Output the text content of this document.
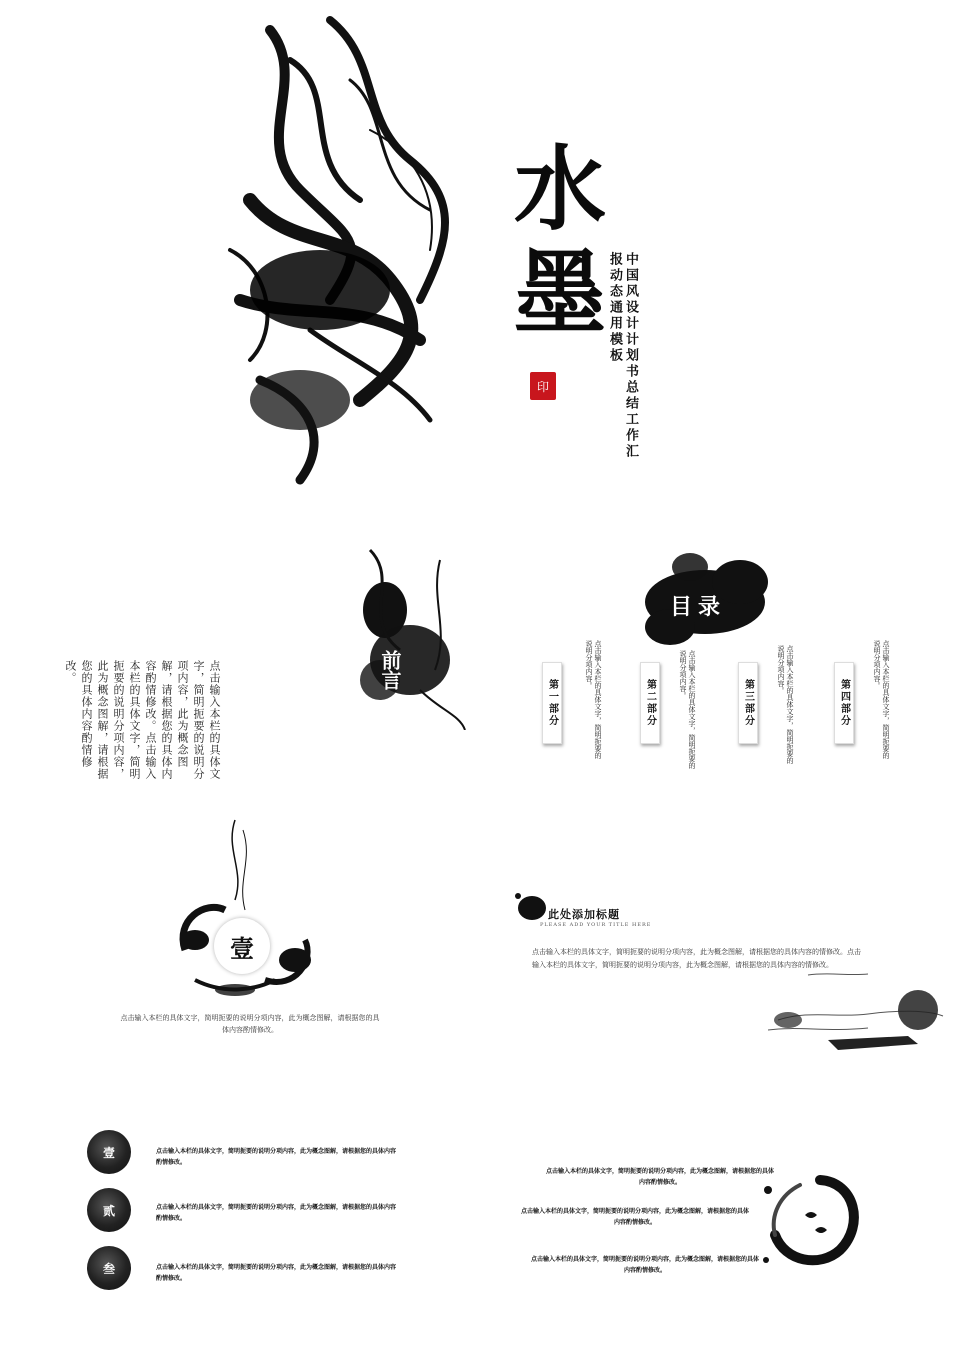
水墨
印	中国风设计计划书总结工作汇
报动态通用模板
点击输入本栏的具体文字，简明扼要的说明分项内容，此为概念图解，请根据您的具体内容酌情修改。点击输入本栏的具体文字，简明扼要的说明分项内容，此为概念图解，请根据您的具体内容酌情修改。	前言
目录
第一部分	点击输入本栏的具体文字，简明扼要的说明分项内容。
第二部分	点击输入本栏的具体文字，简明扼要的说明分项内容。
第三部分	点击输入本栏的具体文字，简明扼要的说明分项内容。
第四部分	点击输入本栏的具体文字，简明扼要的说明分项内容。
壹
点击输入本栏的具体文字，简明扼要的说明分项内容，此为概念图解，请根据您的具体内容酌情修改。
此处添加标题
PLEASE ADD YOUR TITLE HERE
点击输入本栏的具体文字，简明扼要的说明分项内容，此为概念图解，请根据您的具体内容的情修改。点击输入本栏的具体文字，简明扼要的说明分项内容，此为概念图解，请根据您的具体内容的情修改。
壹	点击输入本栏的具体文字，简明扼要的说明分项内容，此为概念图解，请根据您的具体内容酌情修改。
贰	点击输入本栏的具体文字，简明扼要的说明分项内容，此为概念图解，请根据您的具体内容酌情修改。
叁	点击输入本栏的具体文字，简明扼要的说明分项内容，此为概念图解，请根据您的具体内容酌情修改。
点击输入本栏的具体文字，简明扼要的说明分项内容，此为概念图解，请根据您的具体内容酌情修改。
点击输入本栏的具体文字，简明扼要的说明分项内容，此为概念图解，请根据您的具体内容酌情修改。
点击输入本栏的具体文字，简明扼要的说明分项内容，此为概念图解，请根据您的具体内容酌情修改。
